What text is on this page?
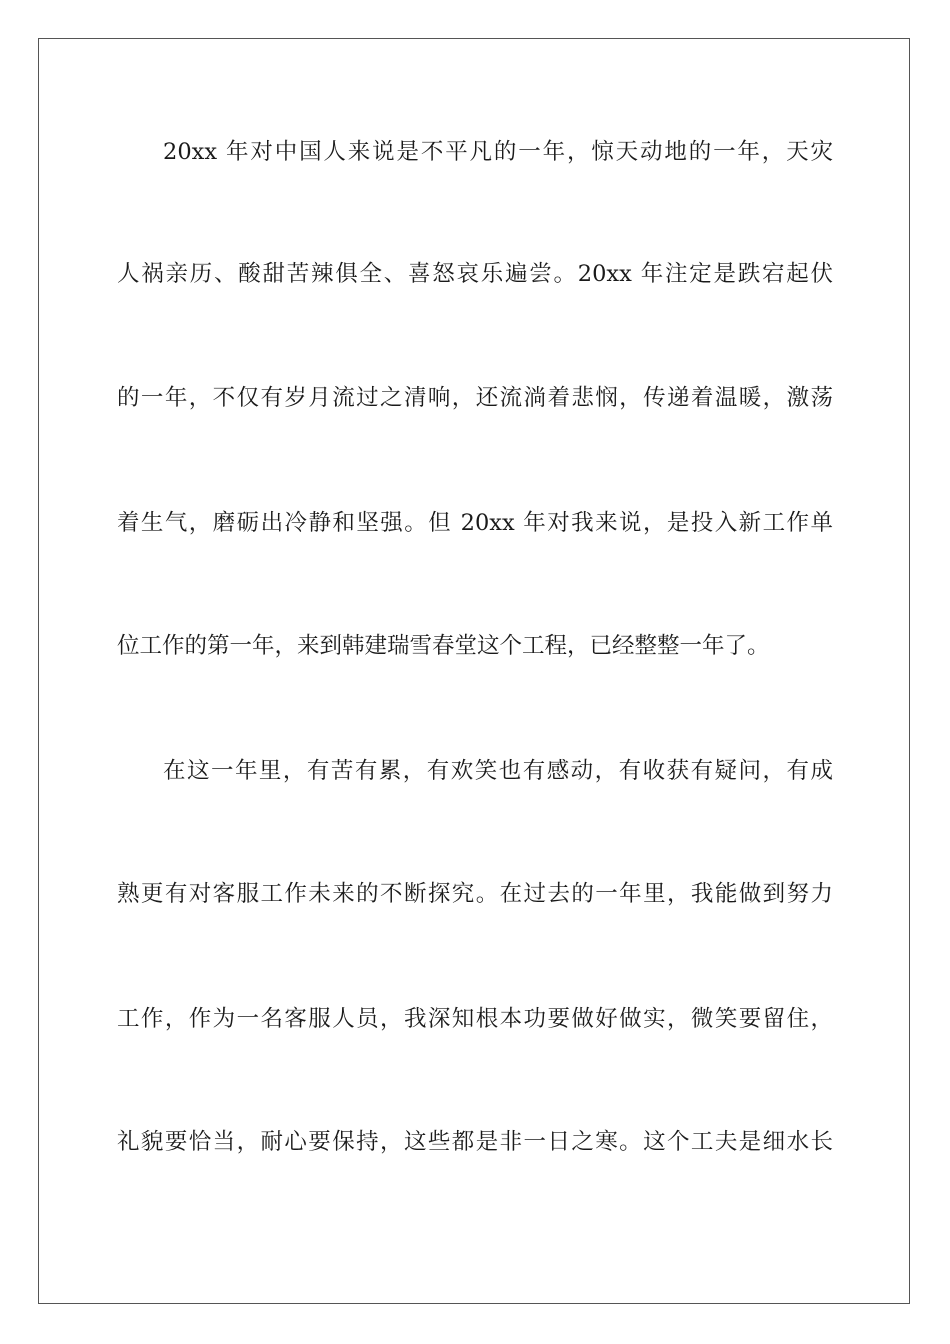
20xx 年对中国人来说是不平凡的一年，惊天动地的一年，天灾
人祸亲历、酸甜苦辣俱全、喜怒哀乐遍尝。20xx 年注定是跌宕起伏
的一年，不仅有岁月流过之清响，还流淌着悲悯，传递着温暖，激荡
着生气，磨砺出冷静和坚强。但 20xx 年对我来说，是投入新工作单
位工作的第一年，来到韩建瑞雪春堂这个工程，已经整整一年了。
在这一年里，有苦有累，有欢笑也有感动，有收获有疑问，有成
熟更有对客服工作未来的不断探究。在过去的一年里，我能做到努力
工作，作为一名客服人员，我深知根本功要做好做实，微笑要留住，
礼貌要恰当，耐心要保持，这些都是非一日之寒。这个工夫是细水长
